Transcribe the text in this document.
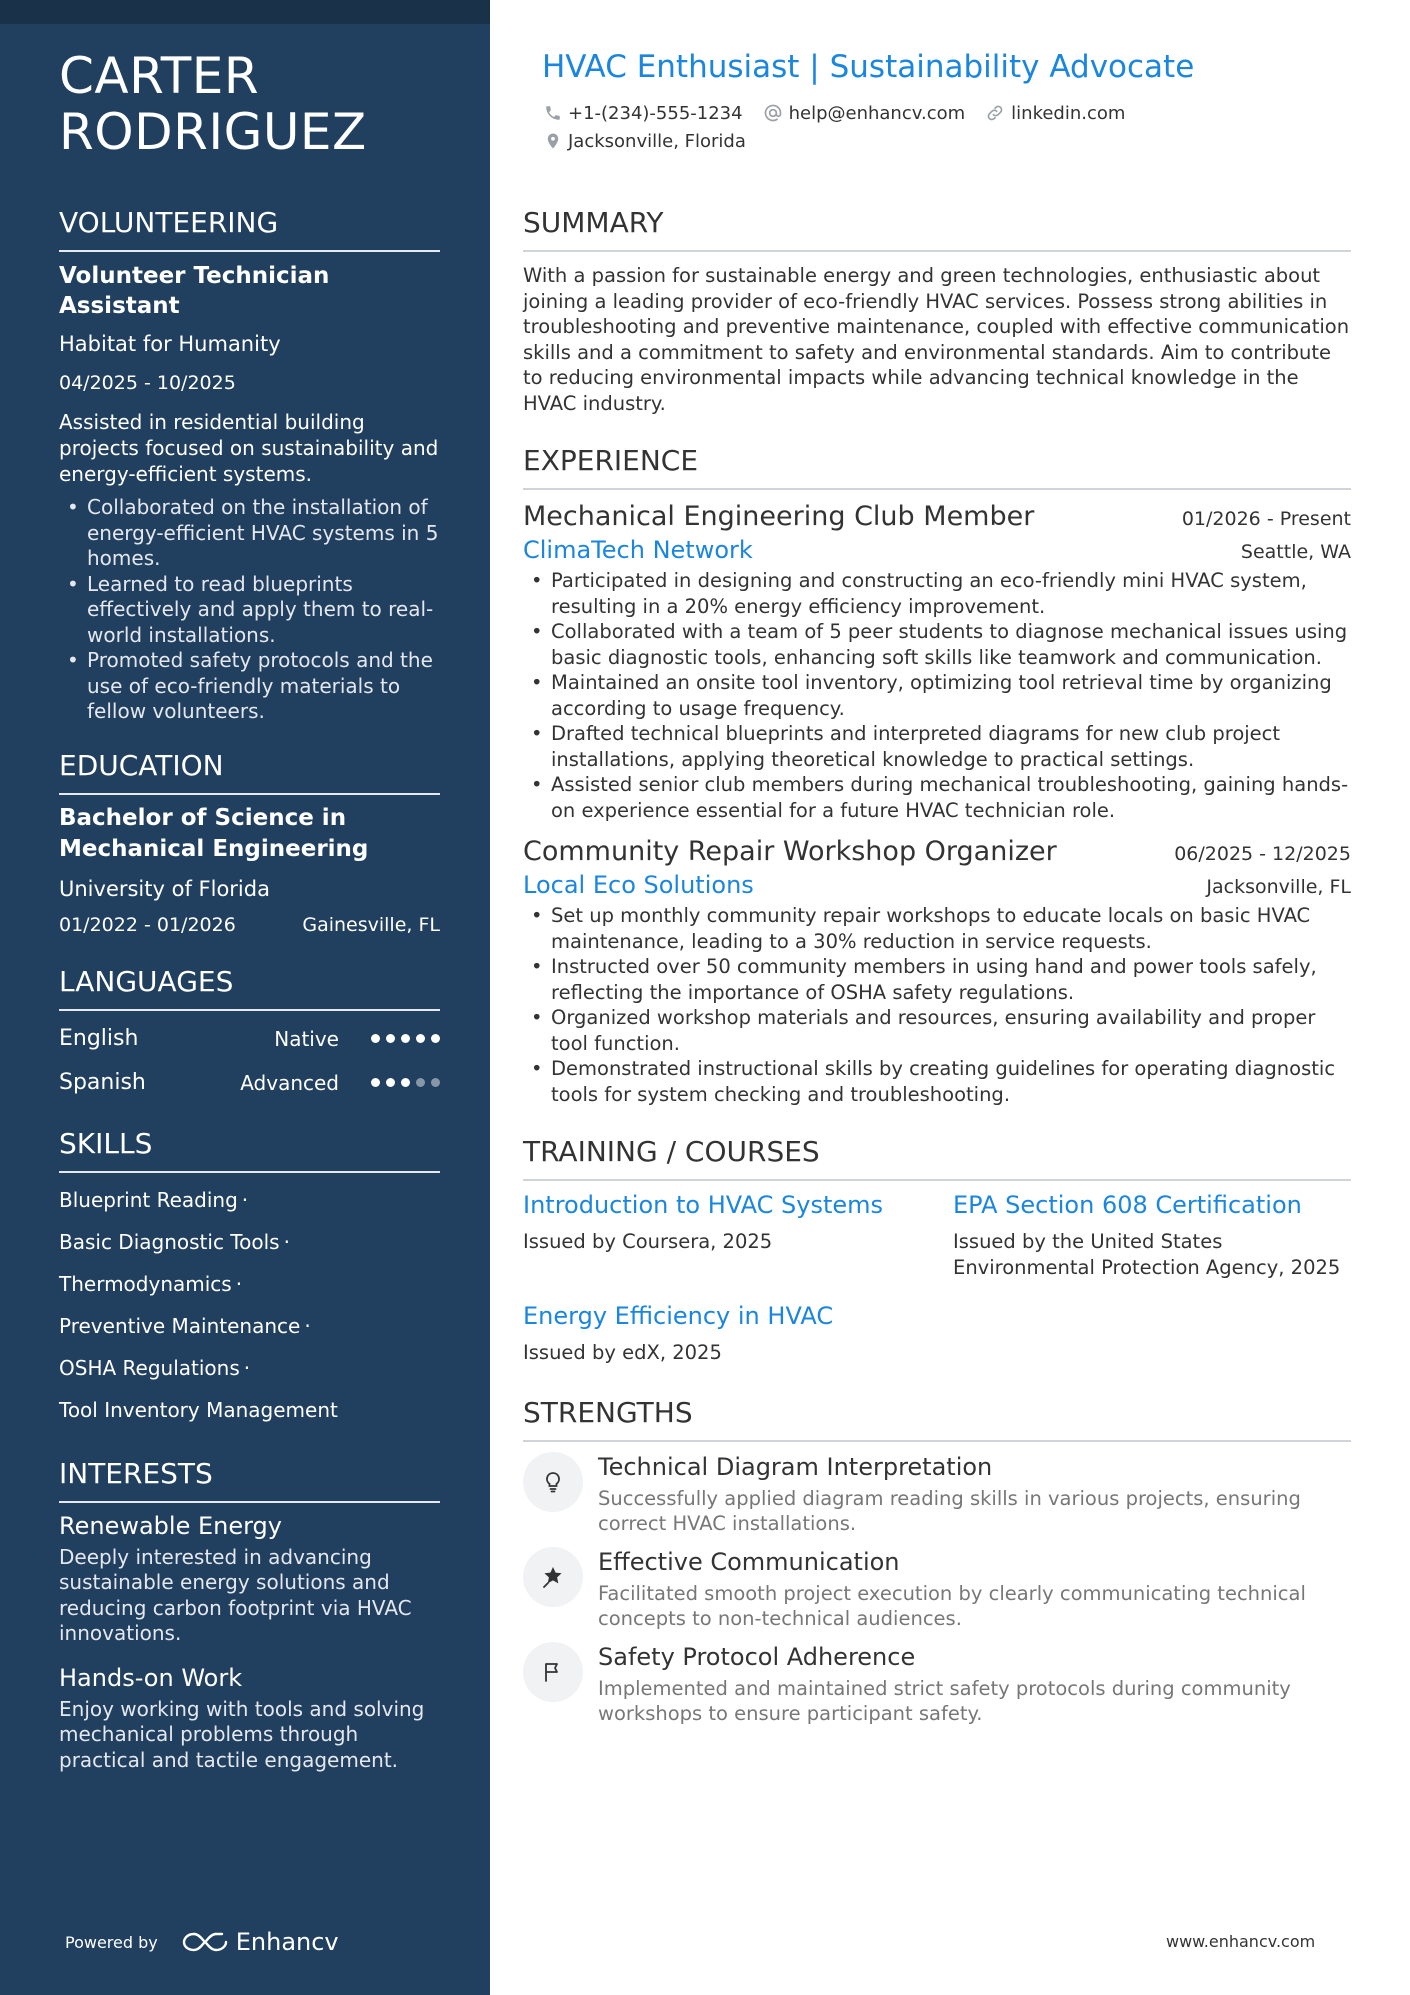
CARTER
RODRIGUEZ
VOLUNTEERING
Volunteer Technician Assistant
Habitat for Humanity
04/2025 - 10/2025
Assisted in residential building projects focused on sustainability and energy-efficient systems.
• Collaborated on the installation of energy-efficient HVAC systems in 5 homes.
• Learned to read blueprints effectively and apply them to real-world installations.
• Promoted safety protocols and the use of eco-friendly materials to fellow volunteers.
EDUCATION
Bachelor of Science in Mechanical Engineering
University of Florida
01/2022 - 01/2026	Gainesville, FL
LANGUAGES
English	Native
Spanish	Advanced
SKILLS
Blueprint Reading ·
Basic Diagnostic Tools ·
Thermodynamics ·
Preventive Maintenance ·
OSHA Regulations ·
Tool Inventory Management
INTERESTS
Renewable Energy
Deeply interested in advancing sustainable energy solutions and reducing carbon footprint via HVAC innovations.
Hands-on Work
Enjoy working with tools and solving mechanical problems through practical and tactile engagement.
Powered by	Enhancv
HVAC Enthusiast | Sustainability Advocate
+1-(234)-555-1234	help@enhancv.com	linkedin.com
Jacksonville, Florida
SUMMARY
With a passion for sustainable energy and green technologies, enthusiastic about joining a leading provider of eco-friendly HVAC services. Possess strong abilities in troubleshooting and preventive maintenance, coupled with effective communication skills and a commitment to safety and environmental standards. Aim to contribute to reducing environmental impacts while advancing technical knowledge in the HVAC industry.
EXPERIENCE
Mechanical Engineering Club Member	01/2026 - Present
ClimaTech Network	Seattle, WA
• Participated in designing and constructing an eco-friendly mini HVAC system, resulting in a 20% energy efficiency improvement.
• Collaborated with a team of 5 peer students to diagnose mechanical issues using basic diagnostic tools, enhancing soft skills like teamwork and communication.
• Maintained an onsite tool inventory, optimizing tool retrieval time by organizing according to usage frequency.
• Drafted technical blueprints and interpreted diagrams for new club project installations, applying theoretical knowledge to practical settings.
• Assisted senior club members during mechanical troubleshooting, gaining hands-on experience essential for a future HVAC technician role.
Community Repair Workshop Organizer	06/2025 - 12/2025
Local Eco Solutions	Jacksonville, FL
• Set up monthly community repair workshops to educate locals on basic HVAC maintenance, leading to a 30% reduction in service requests.
• Instructed over 50 community members in using hand and power tools safely, reflecting the importance of OSHA safety regulations.
• Organized workshop materials and resources, ensuring availability and proper tool function.
• Demonstrated instructional skills by creating guidelines for operating diagnostic tools for system checking and troubleshooting.
TRAINING / COURSES
Introduction to HVAC Systems
Issued by Coursera, 2025
EPA Section 608 Certification
Issued by the United States Environmental Protection Agency, 2025
Energy Efficiency in HVAC
Issued by edX, 2025
STRENGTHS
Technical Diagram Interpretation
Successfully applied diagram reading skills in various projects, ensuring correct HVAC installations.
Effective Communication
Facilitated smooth project execution by clearly communicating technical concepts to non-technical audiences.
Safety Protocol Adherence
Implemented and maintained strict safety protocols during community workshops to ensure participant safety.
www.enhancv.com
